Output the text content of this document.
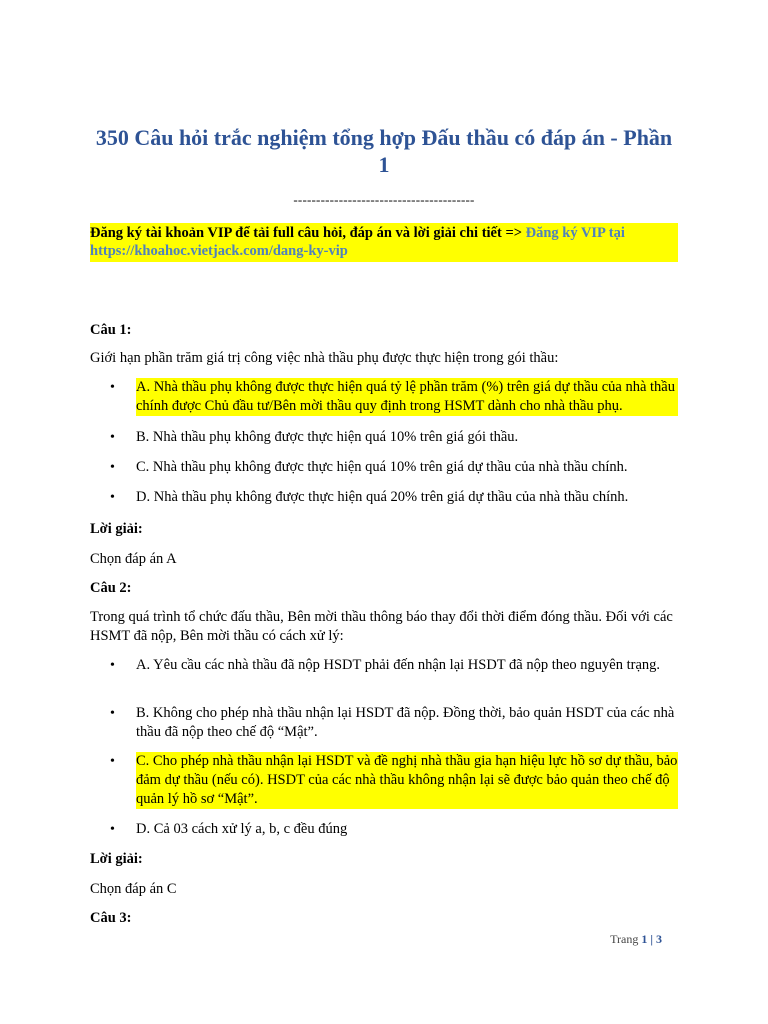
350 Câu hỏi trắc nghiệm tổng hợp Đấu thầu có đáp án - Phần 1
----------------------------------------
Đăng ký tài khoản VIP để tải full câu hỏi, đáp án và lời giải chi tiết => Đăng ký VIP tại https://khoahoc.vietjack.com/dang-ky-vip

Câu 1:

Giới hạn phần trăm giá trị công việc nhà thầu phụ được thực hiện trong gói thầu:

•	A. Nhà thầu phụ không được thực hiện quá tỷ lệ phần trăm (%) trên giá dự thầu của nhà thầu chính được Chủ đầu tư/Bên mời thầu quy định trong HSMT dành cho nhà thầu phụ.
•	B. Nhà thầu phụ không được thực hiện quá 10% trên giá gói thầu.
•	C. Nhà thầu phụ không được thực hiện quá 10% trên giá dự thầu của nhà thầu chính.
•	D. Nhà thầu phụ không được thực hiện quá 20% trên giá dự thầu của nhà thầu chính.

Lời giải:

Chọn đáp án A

Câu 2:

Trong quá trình tổ chức đấu thầu, Bên mời thầu thông báo thay đổi thời điểm đóng thầu. Đối với các HSMT đã nộp, Bên mời thầu có cách xử lý:

•	A. Yêu cầu các nhà thầu đã nộp HSDT phải đến nhận lại HSDT đã nộp theo nguyên trạng.
•	B. Không cho phép nhà thầu nhận lại HSDT đã nộp. Đồng thời, bảo quản HSDT của các nhà thầu đã nộp theo chế độ “Mật”.
•	C. Cho phép nhà thầu nhận lại HSDT và đề nghị nhà thầu gia hạn hiệu lực hồ sơ dự thầu, bảo đảm dự thầu (nếu có). HSDT của các nhà thầu không nhận lại sẽ được bảo quản theo chế độ quản lý hồ sơ “Mật”.
•	D. Cả 03 cách xử lý a, b, c đều đúng

Lời giải:

Chọn đáp án C

Câu 3:

Trang 1 | 3
